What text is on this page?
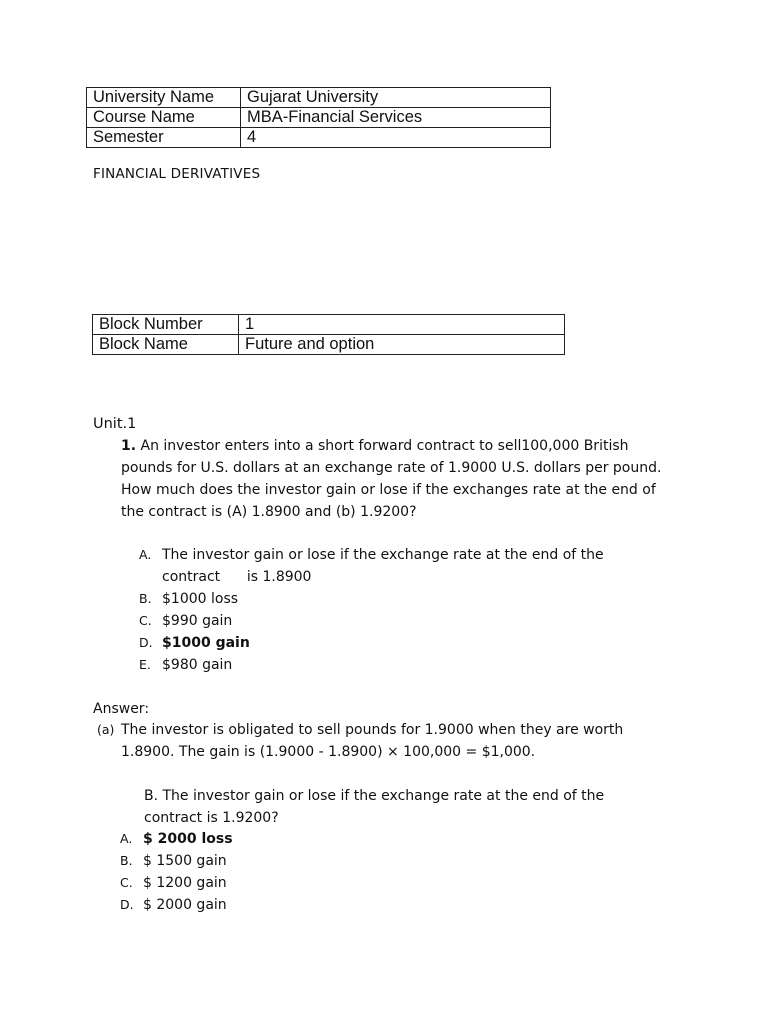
University Name	Gujarat University
Course Name	MBA-Financial Services
Semester	4
FINANCIAL DERIVATIVES
Block Number	1
Block Name	Future and option
Unit.1
1. An investor enters into a short forward contract to sell100,000 British pounds for U.S. dollars at an exchange rate of 1.9000 U.S. dollars per pound.
How much does the investor gain or lose if the exchanges rate at the end of the contract is (A) 1.8900 and (b) 1.9200?
A. The investor gain or lose if the exchange rate at the end of the
contract      is 1.8900
B. $1000 loss
C. $990 gain
D. $1000 gain
E. $980 gain
Answer:
(a) The investor is obligated to sell pounds for 1.9000 when they are worth 1.8900. The gain is (1.9000 - 1.8900) × 100,000 = $1,000.
B. The investor gain or lose if the exchange rate at the end of the contract is 1.9200?
A. $ 2000 loss
B. $ 1500 gain
C. $ 1200 gain
D. $ 2000 gain
